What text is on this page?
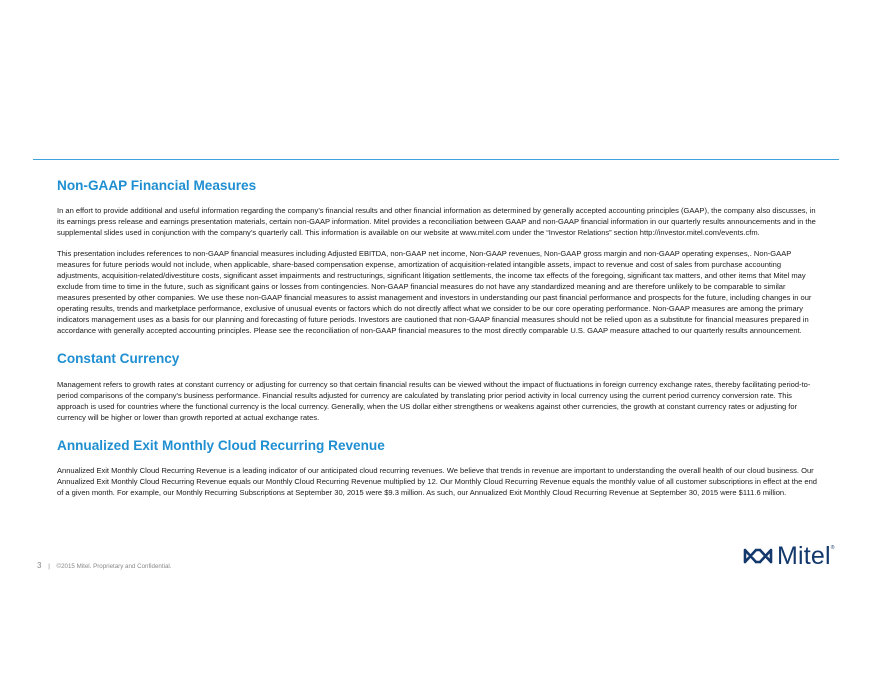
Non-GAAP Financial Measures

In an effort to provide additional and useful information regarding the company’s financial results and other financial information as determined by generally accepted accounting principles (GAAP), the company also discusses, in its earnings press release and earnings presentation materials, certain non-GAAP information. Mitel provides a reconciliation between GAAP and non-GAAP financial information in our quarterly results announcements and in the supplemental slides used in conjunction with the company’s quarterly call. This information is available on our website at www.mitel.com under the “Investor Relations” section http://investor.mitel.com/events.cfm.

This presentation includes references to non-GAAP financial measures including Adjusted EBITDA, non-GAAP net income, Non-GAAP revenues, Non-GAAP gross margin and non-GAAP operating expenses,. Non-GAAP measures for future periods would not include, when applicable, share-based compensation expense, amortization of acquisition-related intangible assets, impact to revenue and cost of sales from purchase accounting adjustments, acquisition-related/divestiture costs, significant asset impairments and restructurings, significant litigation settlements, the income tax effects of the foregoing, significant tax matters, and other items that Mitel may exclude from time to time in the future, such as significant gains or losses from contingencies. Non-GAAP financial measures do not have any standardized meaning and are therefore unlikely to be comparable to similar measures presented by other companies. We use these non-GAAP financial measures to assist management and investors in understanding our past financial performance and prospects for the future, including changes in our operating results, trends and marketplace performance, exclusive of unusual events or factors which do not directly affect what we consider to be our core operating performance. Non-GAAP measures are among the primary indicators management uses as a basis for our planning and forecasting of future periods. Investors are cautioned that non-GAAP financial measures should not be relied upon as a substitute for financial measures prepared in accordance with generally accepted accounting principles. Please see the reconciliation of non-GAAP financial measures to the most directly comparable U.S. GAAP measure attached to our quarterly results announcement.

Constant Currency

Management refers to growth rates at constant currency or adjusting for currency so that certain financial results can be viewed without the impact of fluctuations in foreign currency exchange rates, thereby facilitating period-to-period comparisons of the company's business performance. Financial results adjusted for currency are calculated by translating prior period activity in local currency using the current period currency conversion rate. This approach is used for countries where the functional currency is the local currency. Generally, when the US dollar either strengthens or weakens against other currencies, the growth at constant currency rates or adjusting for currency will be higher or lower than growth reported at actual exchange rates.

Annualized Exit Monthly Cloud Recurring Revenue

Annualized Exit Monthly Cloud Recurring Revenue is a leading indicator of our anticipated cloud recurring revenues. We believe that trends in revenue are important to understanding the overall health of our cloud business. Our Annualized Exit Monthly Cloud Recurring Revenue equals our Monthly Cloud Recurring Revenue multiplied by 12. Our Monthly Cloud Recurring Revenue equals the monthly value of all customer subscriptions in effect at the end of a given month. For example, our Monthly Recurring Subscriptions at September 30, 2015 were $9.3 million. As such, our Annualized Exit Monthly Cloud Recurring Revenue at September 30, 2015 were $111.6 million.

3 | ©2015 Mitel. Proprietary and Confidential.	Mitel ®
